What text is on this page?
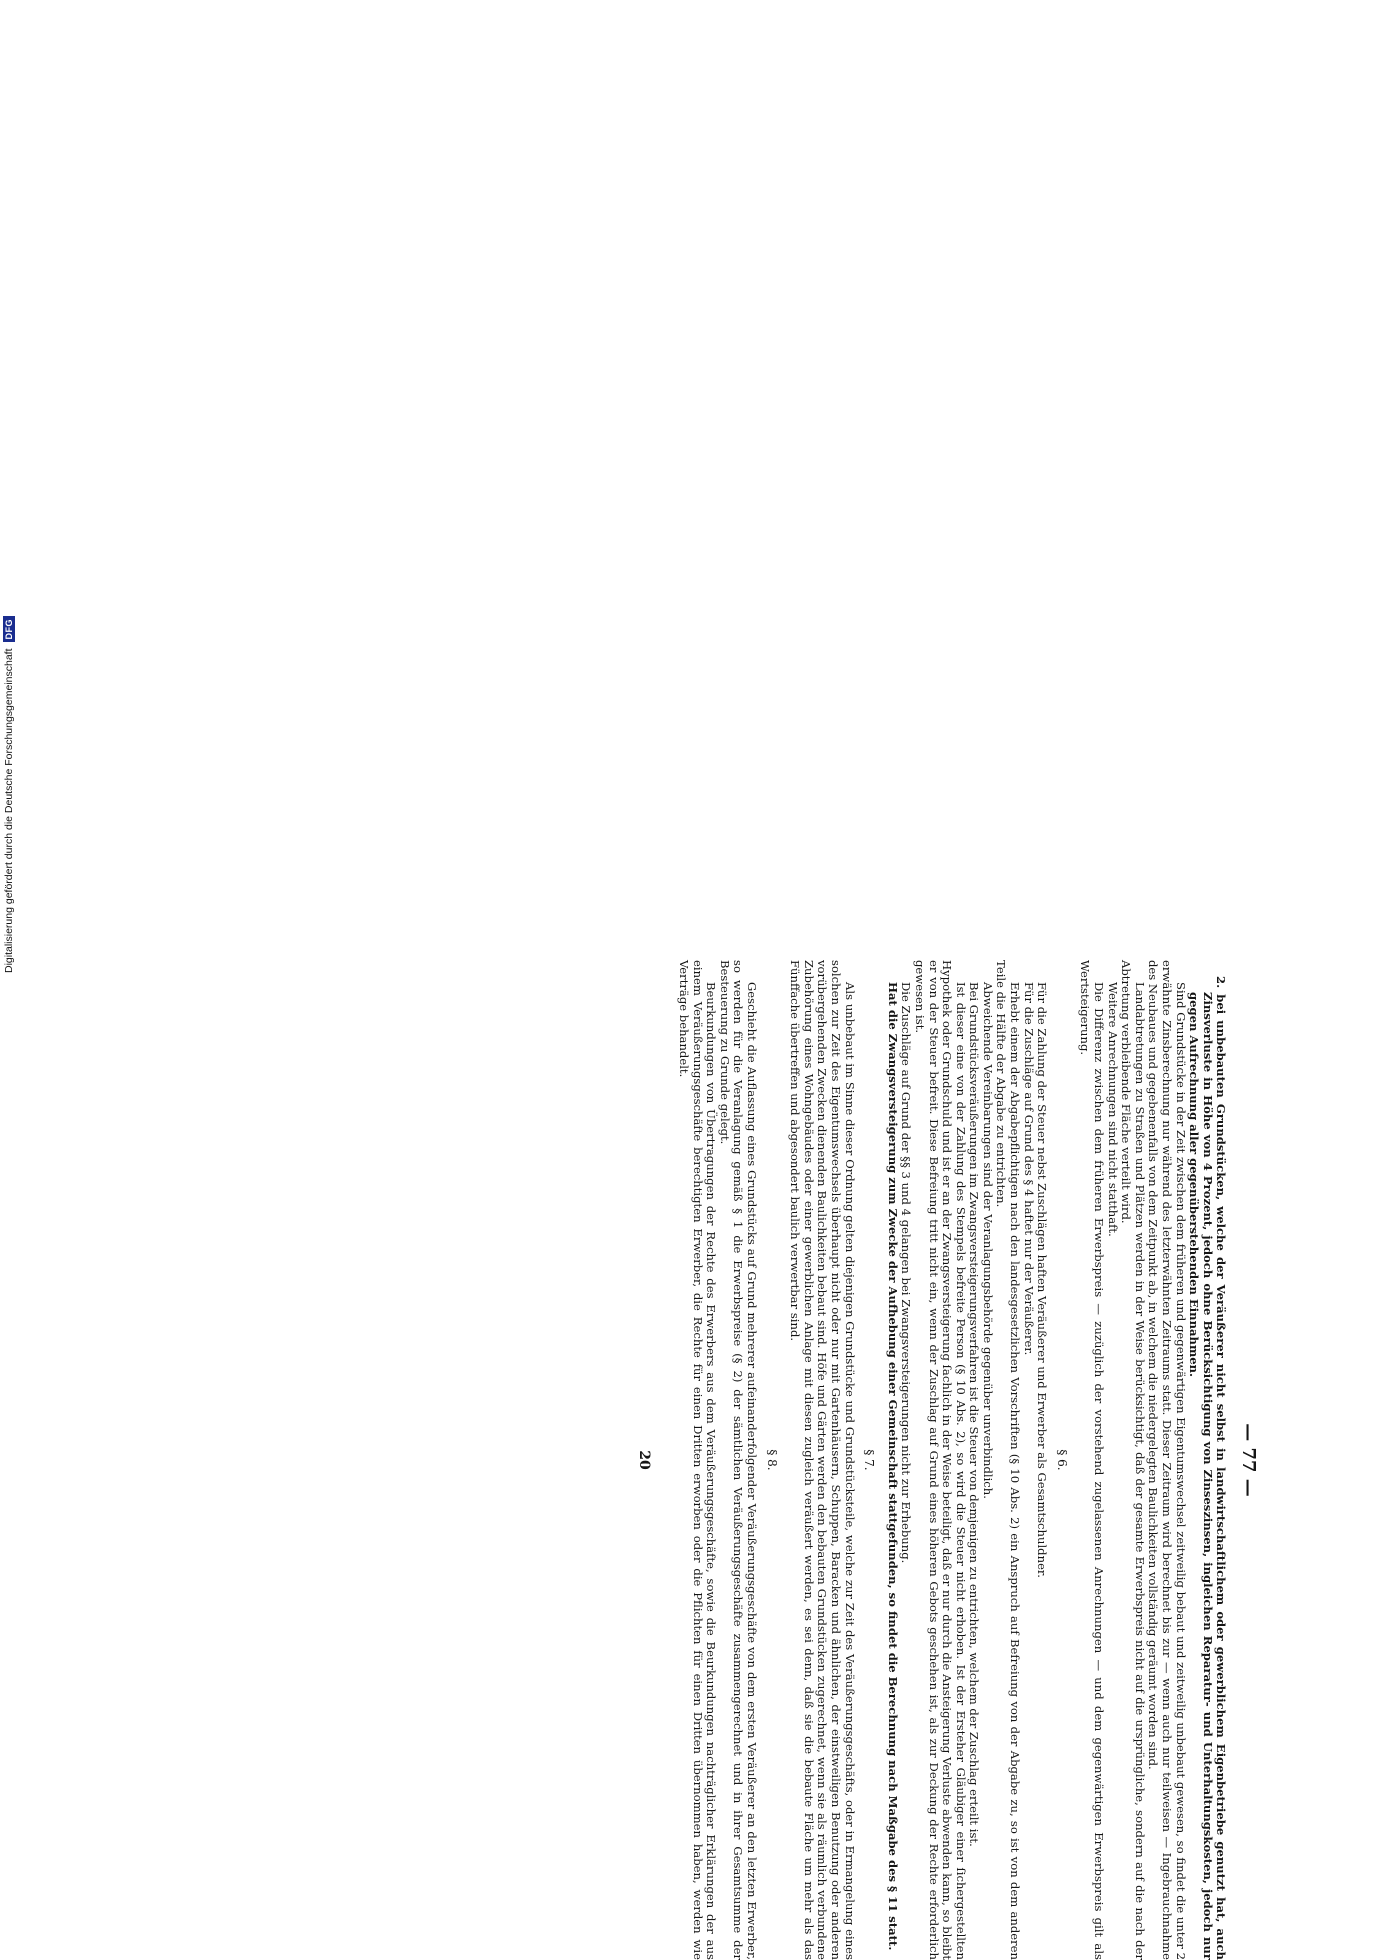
Digitalisierung gefördert durch die Deutsche Forschungsgemeinschaft
DFG
— 77 —

2. bei unbebauten Grundstücken, welche der Veräußerer nicht selbst in landwirtschaftlichem oder gewerblichem Eigenbetriebe genutzt hat, auch Zinsverluste in Höhe von 4 Prozent, jedoch ohne Berücksichtigung von Zinseszinsen, ingleichen Reparatur- und Unterhaltungskosten, jedoch nur gegen Aufrechnung aller gegenüberstehenden Einnahmen.

Sind Grundstücke in der Zeit zwischen dem früheren und gegenwärtigen Eigentumswechsel zeitweilig bebaut und zeitweilig unbebaut gewesen, so findet die unter 2 erwähnte Zinsberechnung nur während des letzterwähnten Zeitraums statt. Dieser Zeitraum wird berechnet bis zur — wenn auch nur teilweisen — Ingebrauchnahme des Neubaues und gegebenenfalls von dem Zeitpunkt ab, in welchem die niedergelegten Baulichkeiten vollständig geräumt worden sind.

Landabtretungen zu Straßen und Plätzen werden in der Weise berücksichtigt, daß der gesamte Erwerbspreis nicht auf die ursprüngliche, sondern auf die nach der Abtretung verbleibende Fläche verteilt wird.

Weitere Anrechnungen sind nicht statthaft.

Die Differenz zwischen dem früheren Erwerbspreis — zuzüglich der vorstehend zugelassenen Anrechnungen — und dem gegenwärtigen Erwerbspreis gilt als Wertsteigerung.

§ 6.

Für die Zahlung der Steuer nebst Zuschlägen haften Veräußerer und Erwerber als Gesamtschuldner.

Für die Zuschläge auf Grund des § 4 haftet nur der Veräußerer.

Erhebt einem der Abgabepflichtigen nach den landesgesetzlichen Vorschriften (§ 10 Abs. 2) ein Anspruch auf Befreiung von der Abgabe zu, so ist von dem anderen Teile die Hälfte der Abgabe zu entrichten.

Abweichende Vereinbarungen sind der Veranlagungsbehörde gegenüber unverbindlich.

Bei Grundstücksveräußerungen im Zwangsversteigerungsverfahren ist die Steuer von demjenigen zu entrichten, welchem der Zuschlag erteilt ist.

Ist dieser eine von der Zahlung des Stempels befreite Person (§ 10 Abs. 2), so wird die Steuer nicht erhoben. Ist der Ersteher Gläubiger einer ſichergestellten Hypothek oder Grundschuld und ist er an der Zwangsversteigerung ſachlich in der Weise beteiligt, daß er nur durch die Ansteigerung Verluste abwenden kann, so bleibt er von der Steuer befreit. Diese Befreiung tritt nicht ein, wenn der Zuschlag auf Grund eines höheren Gebots geschehen ist, als zur Deckung der Rechte erforderlich gewesen ist.

Die Zuschläge auf Grund der §§ 3 und 4 gelangen bei Zwangsversteigerungen nicht zur Erhebung.

Hat die Zwangsversteigerung zum Zwecke der Aufhebung einer Gemeinschaft stattgefunden, so findet die Berechnung nach Maßgabe des § 11 statt.

§ 7.

Als unbebaut im Sinne dieser Ordnung gelten diejenigen Grundstücke und Grundstücksteile, welche zur Zeit des Veräußerungsgeschäfts, oder in Ermangelung eines solchen zur Zeit des Eigentumswechsels überhaupt nicht oder nur mit Gartenhäusern, Schuppen, Baracken und ähnlichen, der einstweiligen Benutzung oder anderen vorübergehenden Zwecken dienenden Baulichkeiten bebaut sind. Höfe und Gärten werden den bebauten Grundstücken zugerechnet, wenn sie als räumlich verbundene Zubehörung eines Wohngebäudes oder einer gewerblichen Anlage mit diesen zugleich veräußert werden, es sei denn, daß sie die bebaute Fläche um mehr als das Fünffache übertreffen und abgesondert baulich verwertbar sind.

§ 8.

Geschieht die Auflassung eines Grundstücks auf Grund mehrerer aufeinanderfolgender Veräußerungsgeschäfte von dem ersten Veräußerer an den letzten Erwerber, so werden für die Veranlagung gemäß § 1 die Erwerbspreise (§ 2) der sämtlichen Veräußerungsgeschäfte zusammengerechnet und in ihrer Gesamtsumme der Besteuerung zu Grunde gelegt.

Beurkundungen von Übertragungen der Rechte des Erwerbers aus dem Veräußerungsgeschäfte, sowie die Beurkundungen nachträglicher Erklärungen der aus einem Veräußerungsgeschäfte berechtigten Erwerber, die Rechte für einen Dritten erworben oder die Pflichten für einen Dritten übernommen haben, werden wie Verträge behandelt.

20
